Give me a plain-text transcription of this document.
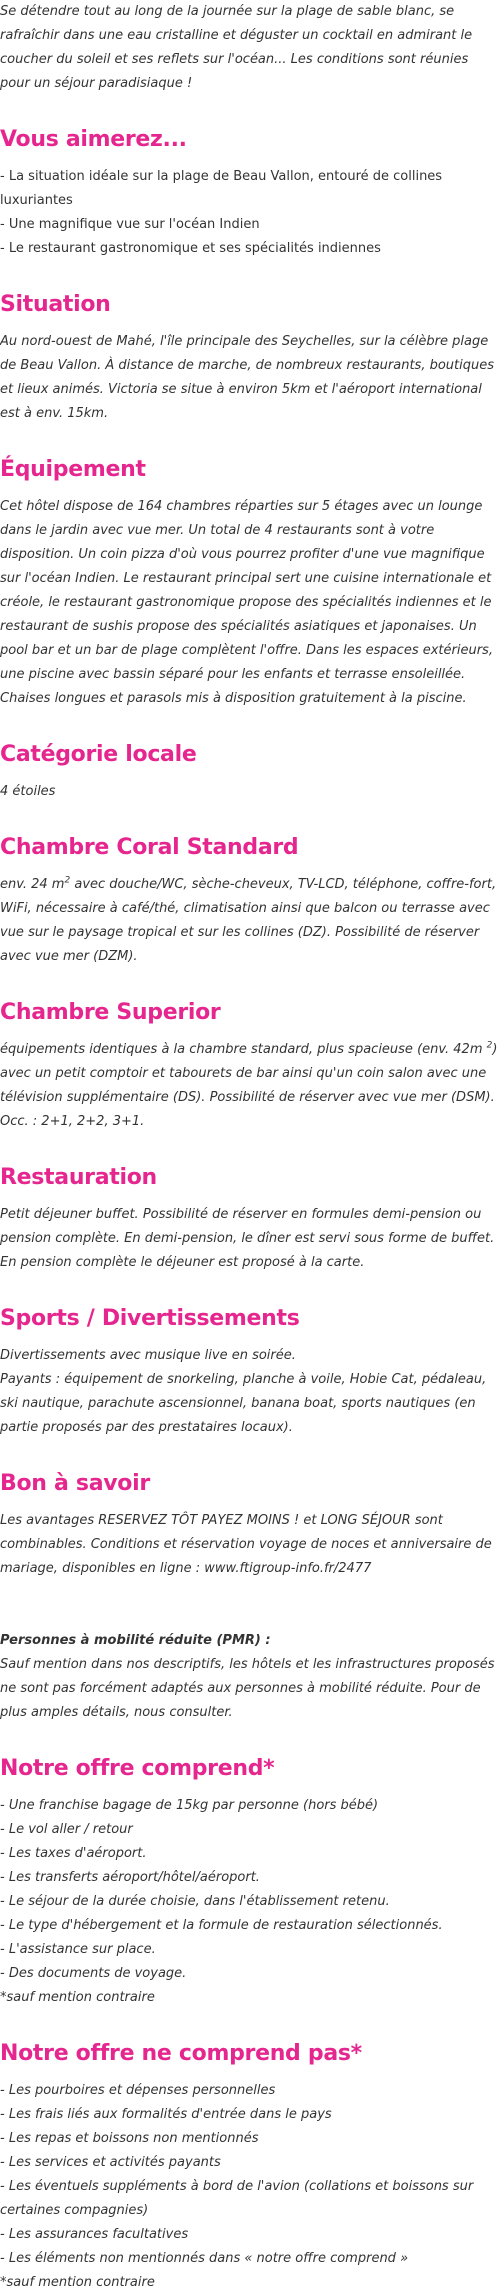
Se détendre tout au long de la journée sur la plage de sable blanc, se rafraîchir dans une eau cristalline et déguster un cocktail en admirant le coucher du soleil et ses reflets sur l'océan... Les conditions sont réunies pour un séjour paradisiaque !

Vous aimerez...
- La situation idéale sur la plage de Beau Vallon, entouré de collines luxuriantes
- Une magnifique vue sur l'océan Indien
- Le restaurant gastronomique et ses spécialités indiennes
Situation

Au nord-ouest de Mahé, l'île principale des Seychelles, sur la célèbre plage de Beau Vallon. À distance de marche, de nombreux restaurants, boutiques et lieux animés. Victoria se situe à environ 5km et l'aéroport international est à env. 15km.

Équipement

Cet hôtel dispose de 164 chambres réparties sur 5 étages avec un lounge dans le jardin avec vue mer. Un total de 4 restaurants sont à votre disposition. Un coin pizza d'où vous pourrez profiter d'une vue magnifique sur l'océan Indien. Le restaurant principal sert une cuisine internationale et créole, le restaurant gastronomique propose des spécialités indiennes et le restaurant de sushis propose des spécialités asiatiques et japonaises. Un pool bar et un bar de plage complètent l'offre. Dans les espaces extérieurs, une piscine avec bassin séparé pour les enfants et terrasse ensoleillée. Chaises longues et parasols mis à disposition gratuitement à la piscine.

Catégorie locale

4 étoiles

Chambre Coral Standard

env. 24 $m^2$ avec douche/WC, sèche-cheveux, TV-LCD, téléphone, coffre-fort, WiFi, nécessaire à café/thé, climatisation ainsi que balcon ou terrasse avec vue sur le paysage tropical et sur les collines (DZ). Possibilité de réserver avec vue mer (DZM).

Chambre Superior

équipements identiques à la chambre standard, plus spacieuse (env. 42m $^2$) avec un petit comptoir et tabourets de bar ainsi qu'un coin salon avec une télévision supplémentaire (DS). Possibilité de réserver avec vue mer (DSM). Occ. : 2+1, 2+2, 3+1.

Restauration

Petit déjeuner buffet. Possibilité de réserver en formules demi-pension ou pension complète. En demi-pension, le dîner est servi sous forme de buffet. En pension complète le déjeuner est proposé à la carte.

Sports / Divertissements
Divertissements avec musique live en soirée.
Payants : équipement de snorkeling, planche à voile, Hobie Cat, pédaleau, ski nautique, parachute ascensionnel, banana boat, sports nautiques (en partie proposés par des prestataires locaux).
Bon à savoir
Les avantages RESERVEZ TÔT PAYEZ MOINS ! et LONG SÉJOUR sont combinables. Conditions et réservation voyage de noces et anniversaire de mariage, disponibles en ligne : www.ftigroup-info.fr/2477
Personnes à mobilité réduite (PMR) :
Sauf mention dans nos descriptifs, les hôtels et les infrastructures proposés ne sont pas forcément adaptés aux personnes à mobilité réduite. Pour de plus amples détails, nous consulter.
Notre offre comprend*
- Une franchise bagage de 15kg par personne (hors bébé)
- Le vol aller / retour
- Les taxes d'aéroport.
- Les transferts aéroport/hôtel/aéroport.
- Le séjour de la durée choisie, dans l'établissement retenu.
- Le type d'hébergement et la formule de restauration sélectionnés.
- L'assistance sur place.
- Des documents de voyage.
*sauf mention contraire
Notre offre ne comprend pas*
- Les pourboires et dépenses personnelles
- Les frais liés aux formalités d'entrée dans le pays
- Les repas et boissons non mentionnés
- Les services et activités payants
- Les éventuels suppléments à bord de l'avion (collations et boissons sur certaines compagnies)
- Les assurances facultatives
- Les éléments non mentionnés dans « notre offre comprend »
*sauf mention contraire
